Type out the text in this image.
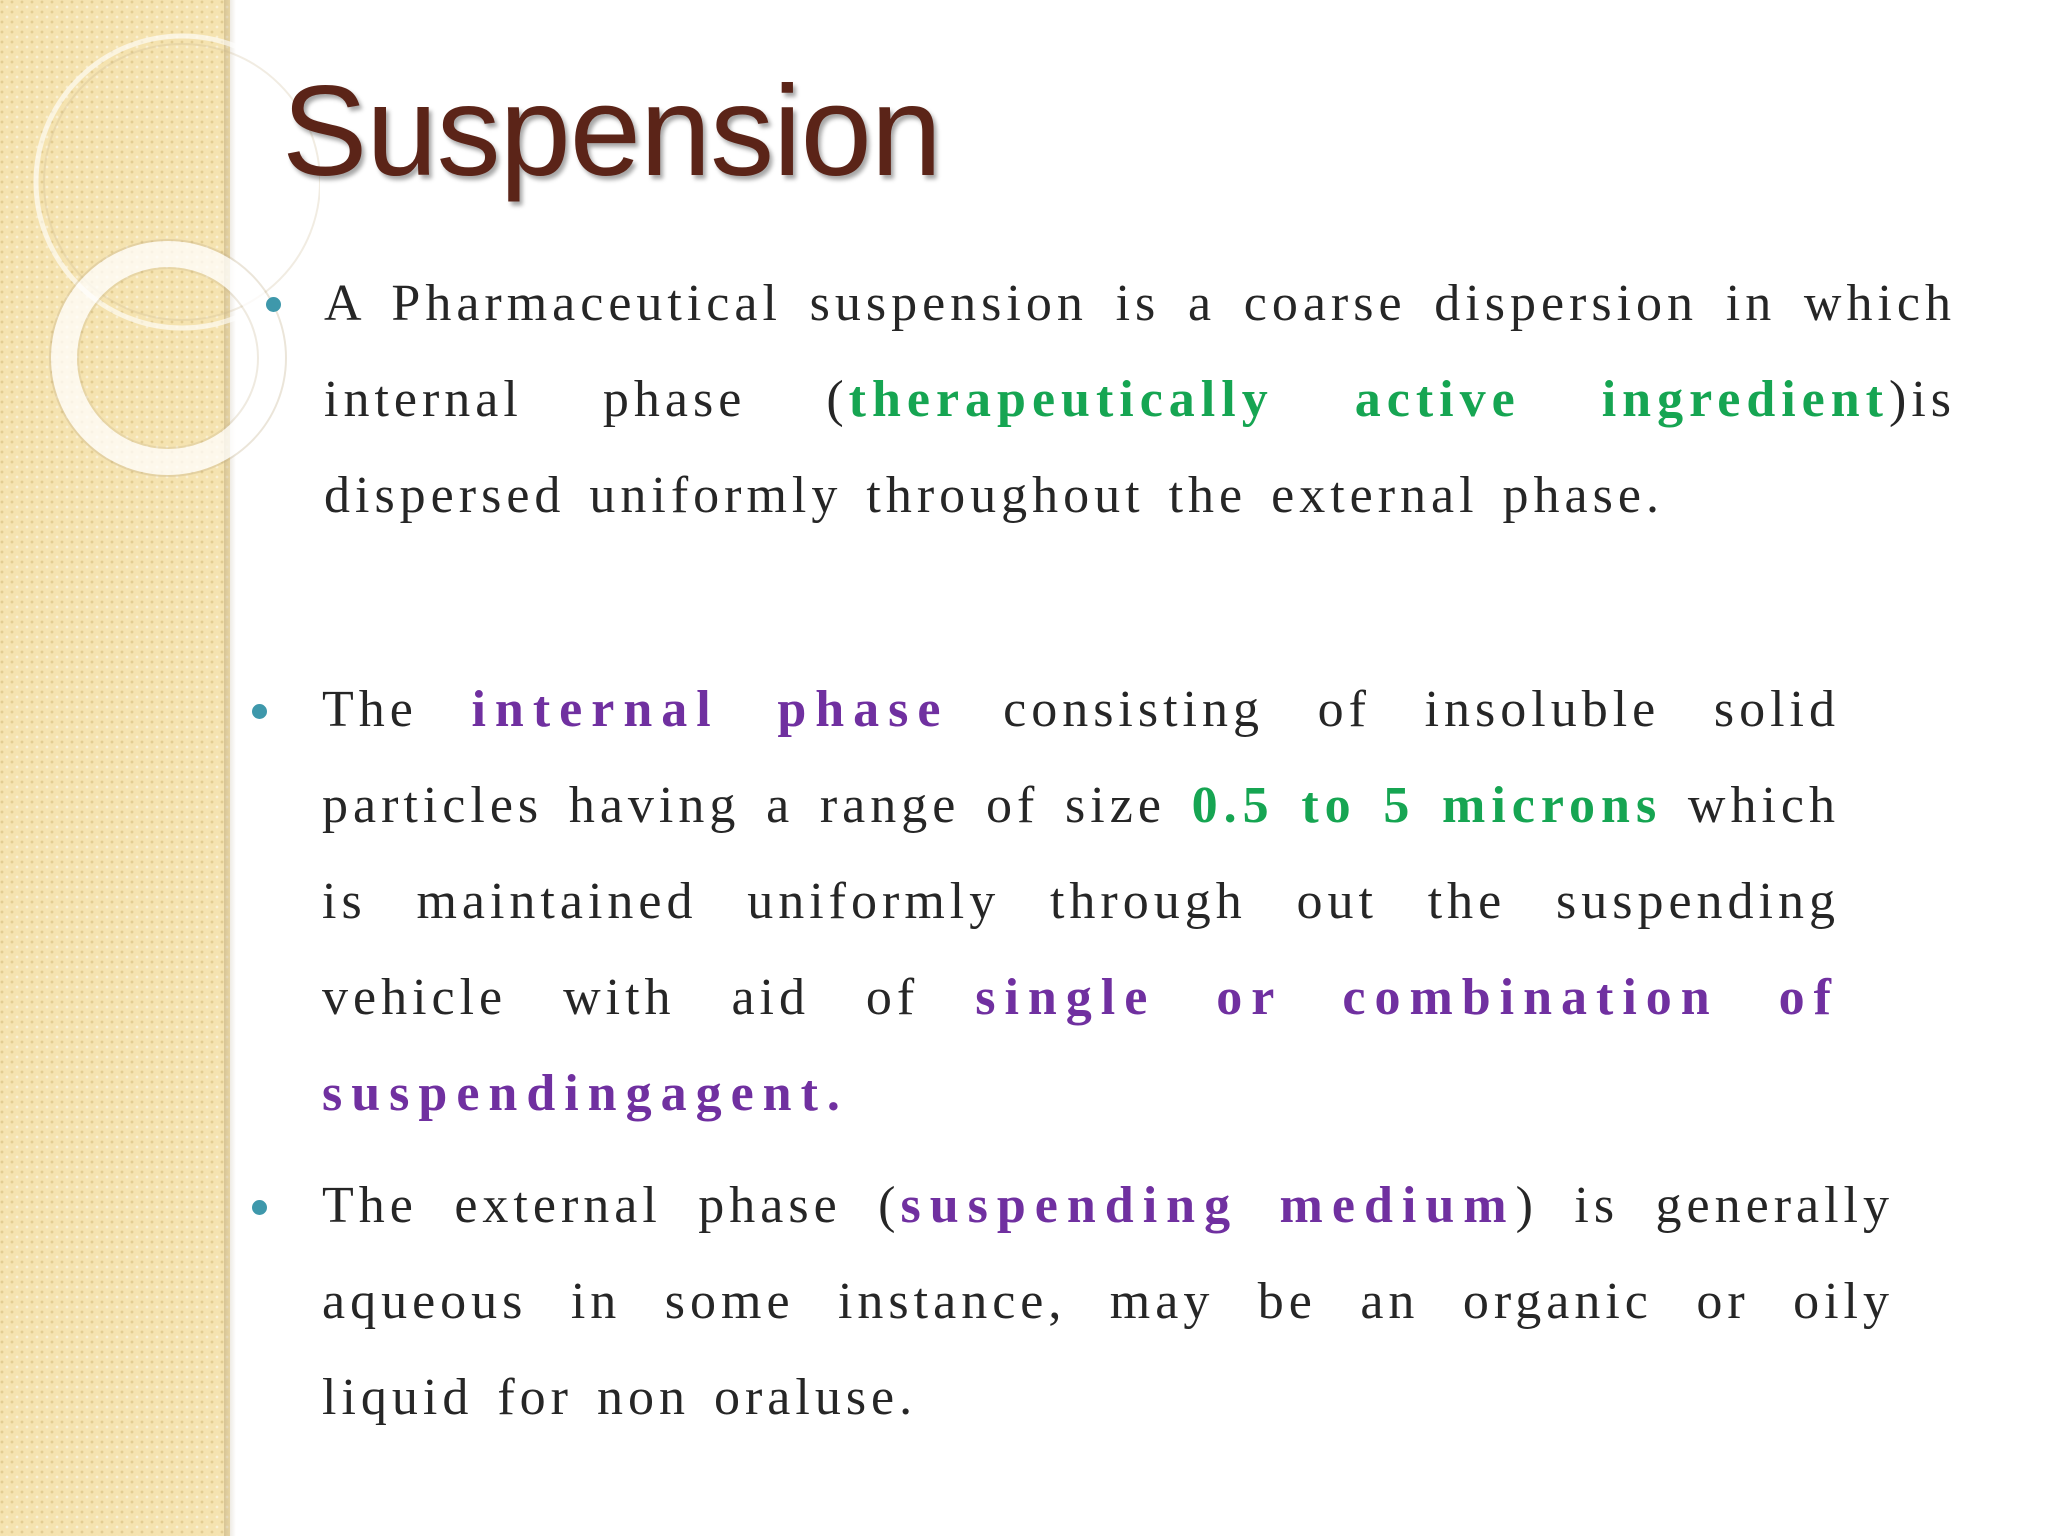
Suspension

A Pharmaceutical suspension is a coarse dispersion in which internal phase (therapeutically active ingredient)is dispersed uniformly throughout the external phase.

The internal phase consisting of insoluble solid particles having a range of size 0.5 to 5 microns which is maintained uniformly through out the suspending vehicle with aid of single or combination of suspendingagent.

The external phase (suspending medium) is generally aqueous in some instance, may be an organic or oily liquid for non oraluse.
